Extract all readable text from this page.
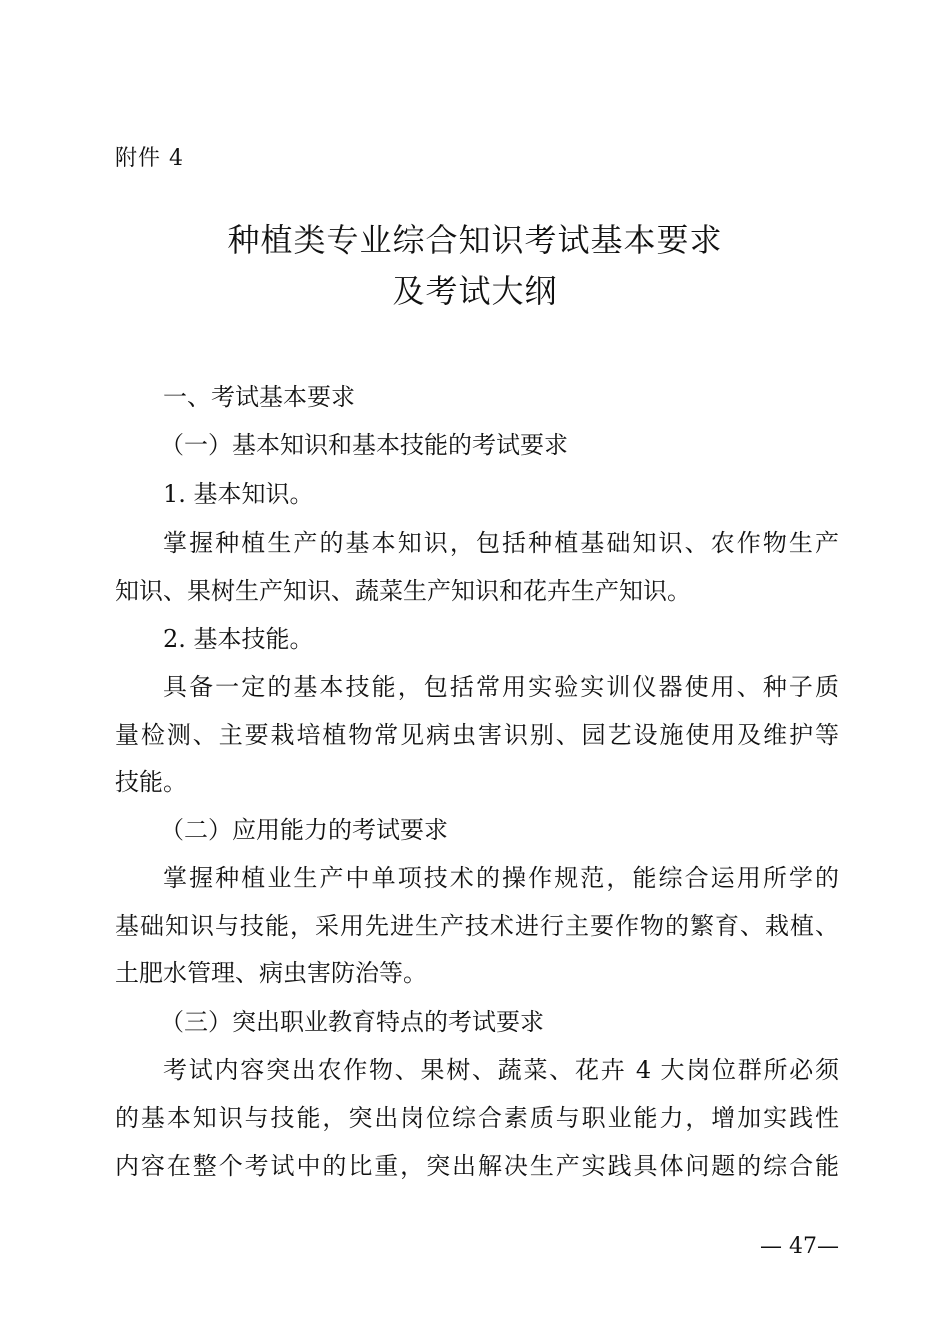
附件 4
种植类专业综合知识考试基本要求
及考试大纲
一、考试基本要求
（一）基本知识和基本技能的考试要求
1. 基本知识。
掌握种植生产的基本知识，包括种植基础知识、农作物生产
知识、果树生产知识、蔬菜生产知识和花卉生产知识。
2. 基本技能。
具备一定的基本技能，包括常用实验实训仪器使用、种子质
量检测、主要栽培植物常见病虫害识别、园艺设施使用及维护等
技能。
（二）应用能力的考试要求
掌握种植业生产中单项技术的操作规范，能综合运用所学的
基础知识与技能，采用先进生产技术进行主要作物的繁育、栽植、
土肥水管理、病虫害防治等。
（三）突出职业教育特点的考试要求
考试内容突出农作物、果树、蔬菜、花卉 4 大岗位群所必须
的基本知识与技能，突出岗位综合素质与职业能力，增加实践性
内容在整个考试中的比重，突出解决生产实践具体问题的综合能
— 47—
